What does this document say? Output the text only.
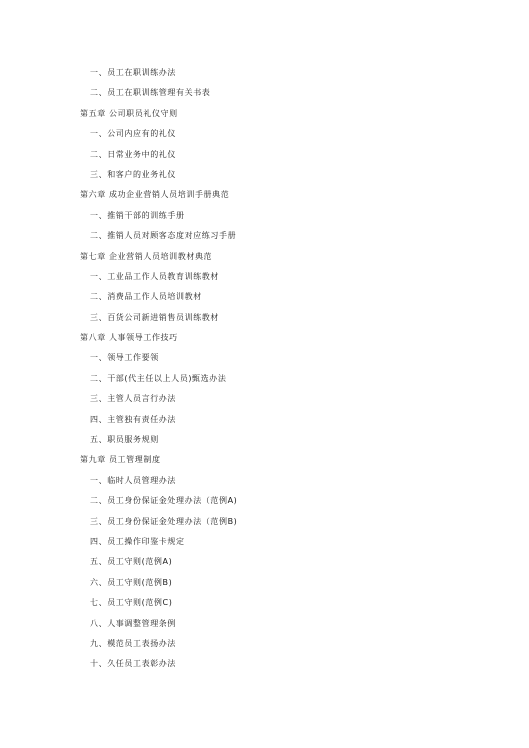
一、员工在职训练办法
二、员工在职训练管理有关书表
第五章 公司职员礼仪守则
一、公司内应有的礼仪
二、日常业务中的礼仪
三、和客户的业务礼仪
第六章 成功企业营销人员培训手册典范
一、推销干部的训练手册
二、推销人员对顾客态度对应练习手册
第七章 企业营销人员培训教材典范
一、工业品工作人员教育训练教材
二、消费品工作人员培训教材
三、百货公司新进销售员训练教材
第八章 人事领导工作技巧
一、领导工作要领
二、干部(代主任以上人员)甄选办法
三、主管人员言行办法
四、主管独有责任办法
五、职员服务规则
第九章 员工管理制度
一、临时人员管理办法
二、员工身份保证金处理办法（范例A)
三、员工身份保证金处理办法（范例B)
四、员工操作印鉴卡规定
五、员工守则(范例A)
六、员工守则(范例B)
七、员工守则(范例C)
八、人事调整管理条例
九、模范员工表扬办法
十、久任员工表彰办法
